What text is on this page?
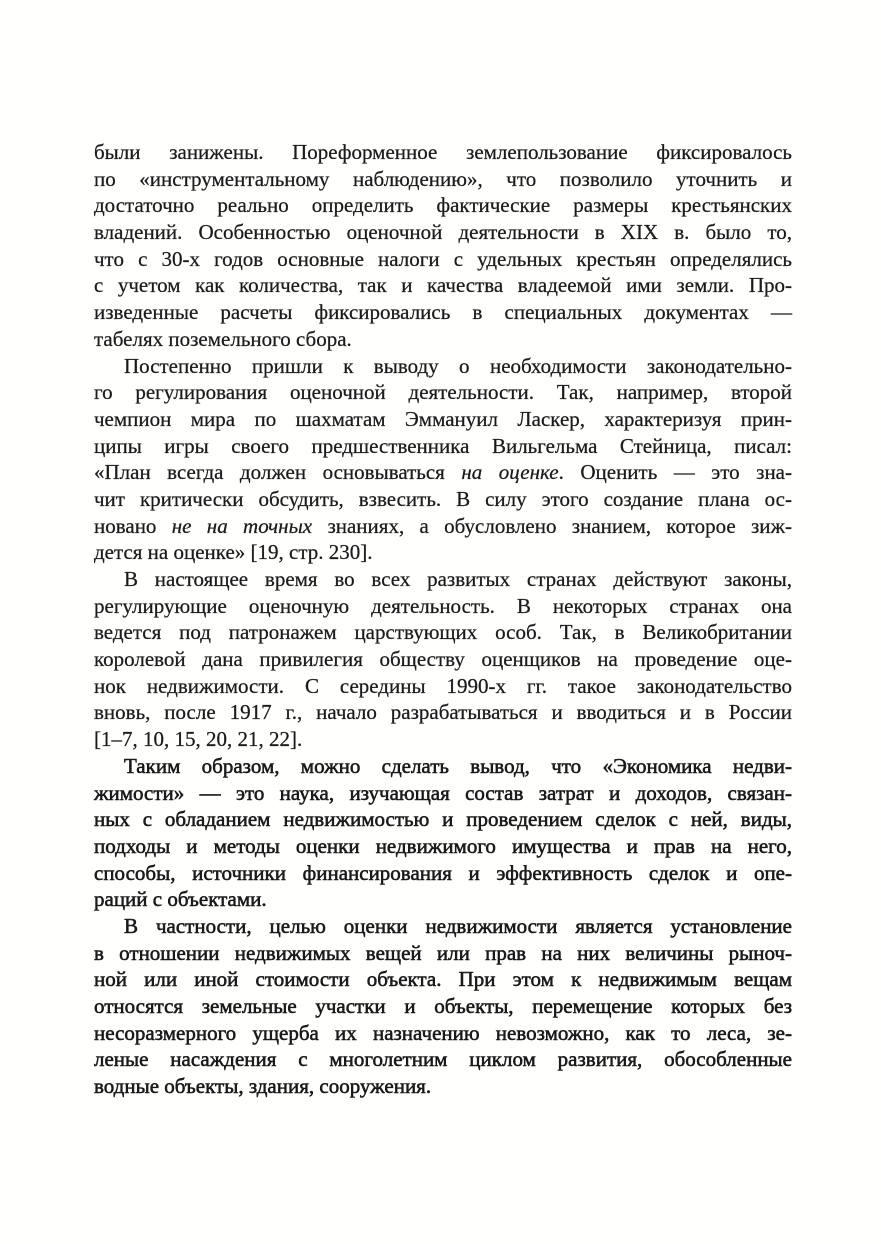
были занижены. Пореформенное землепользование фиксировалось
по «инструментальному наблюдению», что позволило уточнить и
достаточно реально определить фактические размеры крестьянских
владений. Особенностью оценочной деятельности в XIX в. было то,
что с 30-х годов основные налоги с удельных крестьян определялись
с учетом как количества, так и качества владеемой ими земли. Про-
изведенные расчеты фиксировались в специальных документах —
табелях поземельного сбора.
Постепенно пришли к выводу о необходимости законодательно-
го регулирования оценочной деятельности. Так, например, второй
чемпион мира по шахматам Эммануил Ласкер, характеризуя прин-
ципы игры своего предшественника Вильгельма Стейница, писал:
«План всегда должен основываться на оценке. Оценить — это зна-
чит критически обсудить, взвесить. В силу этого создание плана ос-
новано не на точных знаниях, а обусловлено знанием, которое зиж-
дется на оценке» [19, стр. 230].
В настоящее время во всех развитых странах действуют законы,
регулирующие оценочную деятельность. В некоторых странах она
ведется под патронажем царствующих особ. Так, в Великобритании
королевой дана привилегия обществу оценщиков на проведение оце-
нок недвижимости. С середины 1990-х гг. такое законодательство
вновь, после 1917 г., начало разрабатываться и вводиться и в России
[1–7, 10, 15, 20, 21, 22].
Таким образом, можно сделать вывод, что «Экономика недви-
жимости» — это наука, изучающая состав затрат и доходов, связан-
ных с обладанием недвижимостью и проведением сделок с ней, виды,
подходы и методы оценки недвижимого имущества и прав на него,
способы, источники финансирования и эффективность сделок и опе-
раций с объектами.
В частности, целью оценки недвижимости является установление
в отношении недвижимых вещей или прав на них величины рыноч-
ной или иной стоимости объекта. При этом к недвижимым вещам
относятся земельные участки и объекты, перемещение которых без
несоразмерного ущерба их назначению невозможно, как то леса, зе-
леные насаждения с многолетним циклом развития, обособленные
водные объекты, здания, сооружения.
